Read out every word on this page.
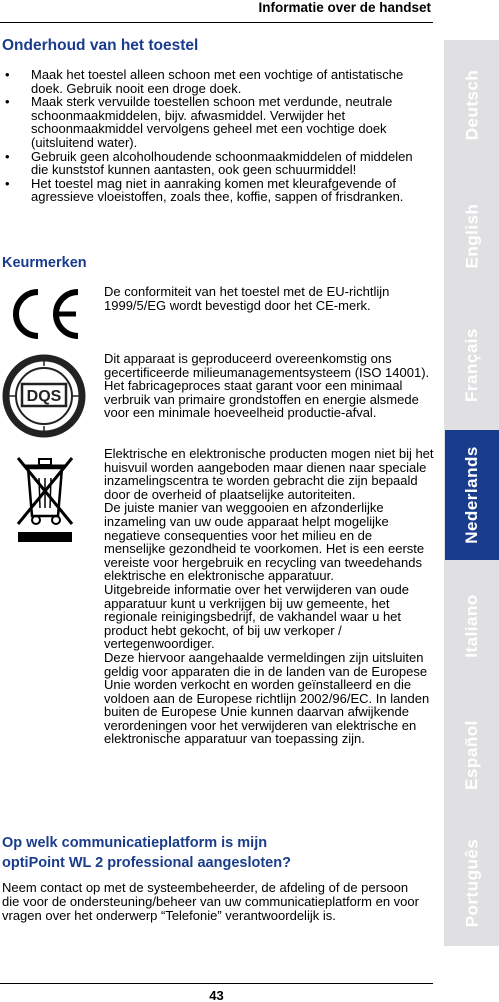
Informatie over de handset
Onderhoud van het toestel
• Maak het toestel alleen schoon met een vochtige of antistatische doek. Gebruik nooit een droge doek.
• Maak sterk vervuilde toestellen schoon met verdunde, neutrale schoonmaakmiddelen, bijv. afwasmiddel. Verwijder het schoonmaakmiddel vervolgens geheel met een vochtige doek (uitsluitend water).
• Gebruik geen alcoholhoudende schoonmaakmiddelen of middelen die kunststof kunnen aantasten, ook geen schuurmiddel!
• Het toestel mag niet in aanraking komen met kleurafgevende of agressieve vloeistoffen, zoals thee, koffie, sappen of frisdranken.
Keurmerken
De conformiteit van het toestel met de EU-richtlijn 1999/5/EG wordt bevestigd door het CE-merk.
DQS
Dit apparaat is geproduceerd overeenkomstig ons gecertificeerde milieumanagementsysteem (ISO 14001). Het fabricageproces staat garant voor een minimaal verbruik van primaire grondstoffen en energie alsmede voor een minimale hoeveelheid productie-afval.
Elektrische en elektronische producten mogen niet bij het huisvuil worden aangeboden maar dienen naar speciale inzamelingscentra te worden gebracht die zijn bepaald door de overheid of plaatselijke autoriteiten.
De juiste manier van weggooien en afzonderlijke inzameling van uw oude apparaat helpt mogelijke negatieve consequenties voor het milieu en de menselijke gezondheid te voorkomen. Het is een eerste vereiste voor hergebruik en recycling van tweedehands elektrische en elektronische apparatuur.
Uitgebreide informatie over het verwijderen van oude apparatuur kunt u verkrijgen bij uw gemeente, het regionale reinigingsbedrijf, de vakhandel waar u het product hebt gekocht, of bij uw verkoper / vertegenwoordiger.
Deze hiervoor aangehaalde vermeldingen zijn uitsluiten geldig voor apparaten die in de landen van de Europese Unie worden verkocht en worden geïnstalleerd en die voldoen aan de Europese richtlijn 2002/96/EC. In landen buiten de Europese Unie kunnen daarvan afwijkende verordeningen voor het verwijderen van elektrische en elektronische apparatuur van toepassing zijn.
Op welk communicatieplatform is mijn
optiPoint WL 2 professional aangesloten?
Neem contact op met de systeembeheerder, de afdeling of de persoon die voor de ondersteuning/beheer van uw communicatieplatform en voor vragen over het onderwerp “Telefonie” verantwoordelijk is.
43
Deutsch
English
Français
Nederlands
Italiano
Español
Português
